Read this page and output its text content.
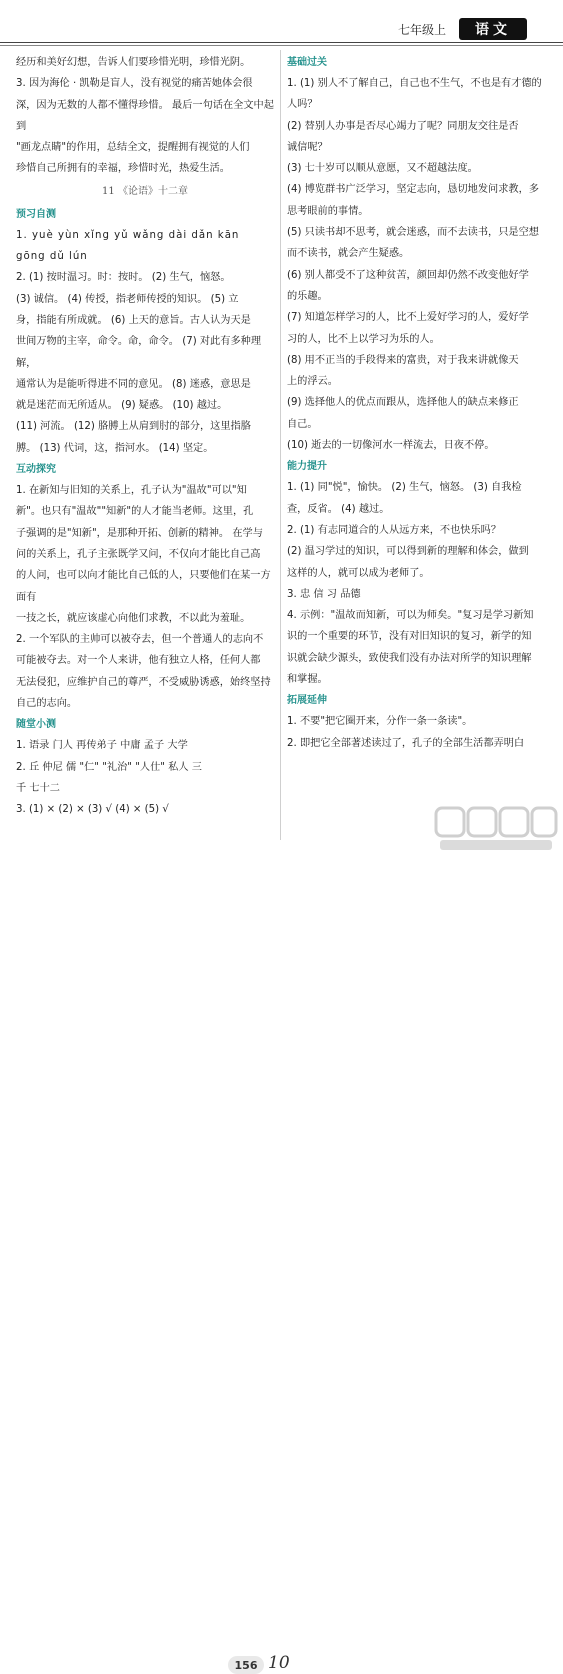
七年级上	语文

经历和美好幻想，告诉人们要珍惜光明，珍惜光阴。

3. 因为海伦 · 凯勒是盲人，没有视觉的痛苦她体会很

深，因为无数的人都不懂得珍惜。 最后一句话在全文中起到

"画龙点睛"的作用，总结全文，提醒拥有视觉的人们

珍惜自己所拥有的幸福，珍惜时光，热爱生活。

11 《论语》十二章

预习自测

1. yuè yùn xǐng yǔ wǎng dài dǎn kān

gōng dǔ lún

2. (1) 按时温习。时：按时。 (2) 生气，恼怒。

(3) 诚信。 (4) 传授，指老师传授的知识。 (5) 立

身，指能有所成就。 (6) 上天的意旨。古人认为天是

世间万物的主宰，命令。命，命令。 (7) 对此有多种理解，

通常认为是能听得进不同的意见。 (8) 迷惑，意思是

就是迷茫而无所适从。 (9) 疑惑。 (10) 越过。

(11) 河流。 (12) 胳膊上从肩到肘的部分，这里指胳

膊。 (13) 代词，这，指河水。 (14) 坚定。

互动探究

1. 在新知与旧知的关系上，孔子认为"温故"可以"知

新"。也只有"温故""知新"的人才能当老师。这里，孔

子强调的是"知新"，是那种开拓、创新的精神。 在学与

问的关系上，孔子主张既学又问，不仅向才能比自己高

的人问，也可以向才能比自己低的人，只要他们在某一方面有

一技之长，就应该虚心向他们求教，不以此为羞耻。

2. 一个军队的主帅可以被夺去，但一个普通人的志向不

可能被夺去。对一个人来讲，他有独立人格，任何人都

无法侵犯，应维护自己的尊严，不受威胁诱惑，始终坚持

自己的志向。

随堂小测

1. 语录 门人 再传弟子 中庸 孟子 大学

2. 丘 仲尼 儒 "仁" "礼治" "人仕" 私人 三

千 七十二

3. (1) × (2) × (3) √ (4) × (5) √

基础过关

1. (1) 别人不了解自己，自己也不生气，不也是有才德的

人吗？

(2) 替别人办事是否尽心竭力了呢？同朋友交往是否

诚信呢？

(3) 七十岁可以顺从意愿，又不超越法度。

(4) 博览群书广泛学习，坚定志向，恳切地发问求教，多

思考眼前的事情。

(5) 只读书却不思考，就会迷惑，而不去读书，只是空想

而不读书，就会产生疑惑。

(6) 别人都受不了这种贫苦，颜回却仍然不改变他好学

的乐趣。

(7) 知道怎样学习的人，比不上爱好学习的人，爱好学

习的人，比不上以学习为乐的人。

(8) 用不正当的手段得来的富贵，对于我来讲就像天

上的浮云。

(9) 选择他人的优点而跟从，选择他人的缺点来修正

自己。

(10) 逝去的一切像河水一样流去，日夜不停。

能力提升

1. (1) 同"悦"，愉快。 (2) 生气，恼怒。 (3) 自我检

查，反省。 (4) 越过。

2. (1) 有志同道合的人从远方来，不也快乐吗？

(2) 温习学过的知识，可以得到新的理解和体会，做到

这样的人，就可以成为老师了。

3. 忠 信 习 品德

4. 示例："温故而知新，可以为师矣。"复习是学习新知

识的一个重要的环节，没有对旧知识的复习，新学的知

识就会缺少源头，致使我们没有办法对所学的知识理解

和掌握。

拓展延伸

1. 不要"把它圈开来，分作一条一条读"。

2. 即把它全部著述读过了，孔子的全部生活都弄明白

156 10
